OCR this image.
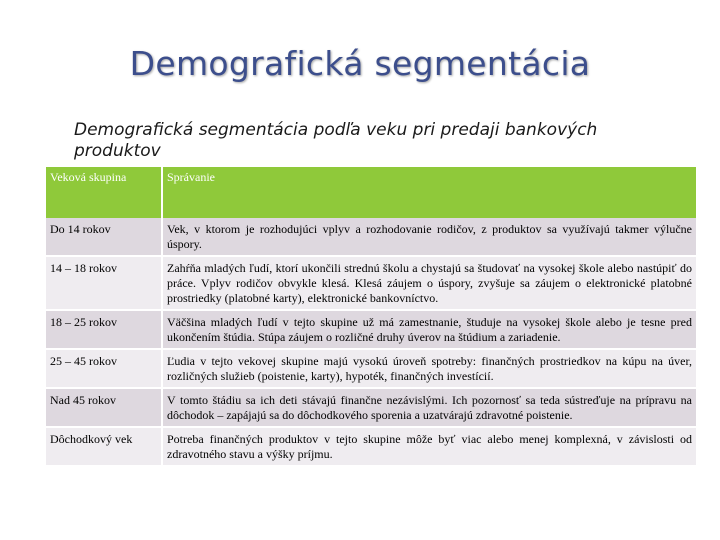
Demografická segmentácia
Demografická segmentácia podľa veku pri predaji bankových produktov
Veková skupina	Správanie
Do 14 rokov	Vek, v ktorom je rozhodujúci vplyv a rozhodovanie rodičov, z produktov sa využívajú takmer výlučne úspory.
14 – 18 rokov	Zahŕňa mladých ľudí, ktorí ukončili strednú školu a chystajú sa študovať na vysokej škole alebo nastúpiť do práce. Vplyv rodičov obvykle klesá. Klesá záujem o úspory, zvyšuje sa záujem o elektronické platobné prostriedky (platobné karty), elektronické bankovníctvo.
18 – 25 rokov	Väčšina mladých ľudí v tejto skupine už má zamestnanie, študuje na vysokej škole alebo je tesne pred ukončením štúdia. Stúpa záujem o rozličné druhy úverov na štúdium a zariadenie.
25 – 45 rokov	Ľudia v tejto vekovej skupine majú vysokú úroveň spotreby: finančných prostriedkov na kúpu na úver, rozličných služieb (poistenie, karty), hypoték, finančných investícií.
Nad 45 rokov	V tomto štádiu sa ich deti stávajú finančne nezávislými. Ich pozornosť sa teda sústreďuje na prípravu na dôchodok – zapájajú sa do dôchodkového sporenia a uzatvárajú zdravotné poistenie.
Dôchodkový vek	Potreba finančných produktov v tejto skupine môže byť viac alebo menej komplexná, v závislosti od zdravotného stavu a výšky príjmu.
